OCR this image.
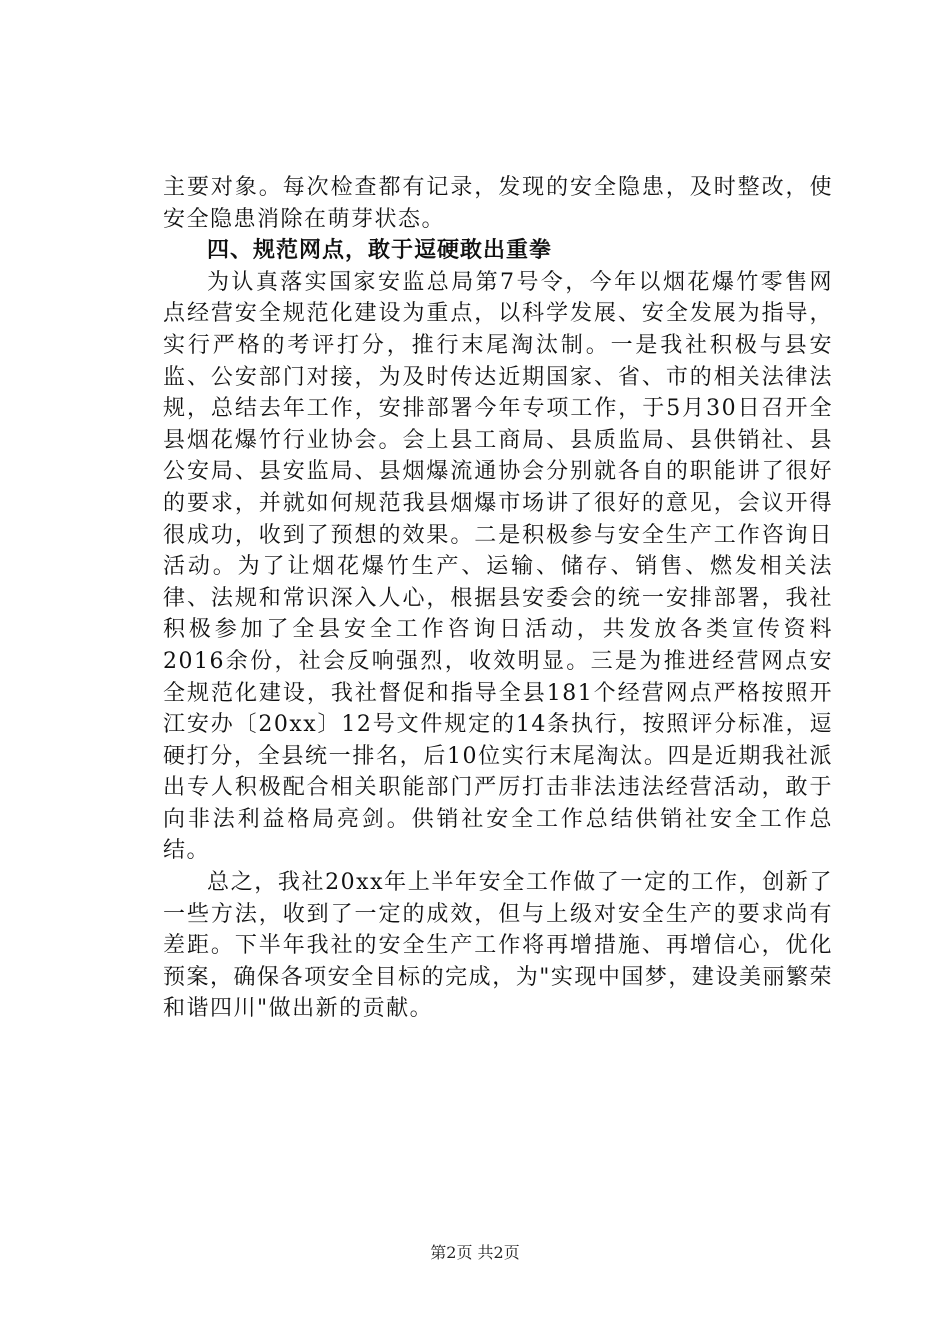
主要对象。每次检查都有记录，发现的安全隐患，及时整改，使安全隐患消除在萌芽状态。

四、规范网点，敢于逗硬敢出重拳

为认真落实国家安监总局第7号令，今年以烟花爆竹零售网点经营安全规范化建设为重点，以科学发展、安全发展为指导，实行严格的考评打分，推行末尾淘汰制。一是我社积极与县安监、公安部门对接，为及时传达近期国家、省、市的相关法律法规，总结去年工作，安排部署今年专项工作，于5月30日召开全县烟花爆竹行业协会。会上县工商局、县质监局、县供销社、县公安局、县安监局、县烟爆流通协会分别就各自的职能讲了很好的要求，并就如何规范我县烟爆市场讲了很好的意见，会议开得很成功，收到了预想的效果。二是积极参与安全生产工作咨询日活动。为了让烟花爆竹生产、运输、储存、销售、燃发相关法律、法规和常识深入人心，根据县安委会的统一安排部署，我社积极参加了全县安全工作咨询日活动，共发放各类宣传资料2016余份，社会反响强烈，收效明显。三是为推进经营网点安全规范化建设，我社督促和指导全县181个经营网点严格按照开江安办〔20xx〕12号文件规定的14条执行，按照评分标准，逗硬打分，全县统一排名，后10位实行末尾淘汰。四是近期我社派出专人积极配合相关职能部门严厉打击非法违法经营活动，敢于向非法利益格局亮剑。供销社安全工作总结供销社安全工作总结。

总之，我社20xx年上半年安全工作做了一定的工作，创新了一些方法，收到了一定的成效，但与上级对安全生产的要求尚有差距。下半年我社的安全生产工作将再增措施、再增信心，优化预案，确保各项安全目标的完成，为"实现中国梦，建设美丽繁荣和谐四川"做出新的贡献。

第2页 共2页
